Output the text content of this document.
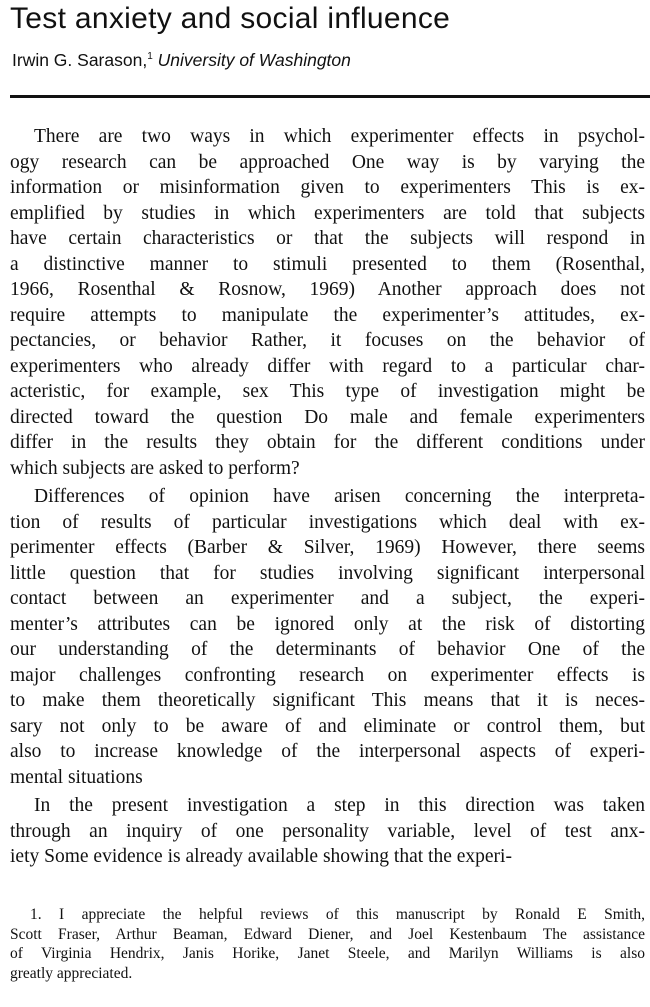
Test anxiety and social influence
Irwin G. Sarason,$^1$ University of Washington
There are two ways in which experimenter effects in psychol-
ogy research can be approached One way is by varying the
information or misinformation given to experimenters This is ex-
emplified by studies in which experimenters are told that subjects
have certain characteristics or that the subjects will respond in
a distinctive manner to stimuli presented to them (Rosenthal,
1966, Rosenthal & Rosnow, 1969) Another approach does not
require attempts to manipulate the experimenter’s attitudes, ex-
pectancies, or behavior Rather, it focuses on the behavior of
experimenters who already differ with regard to a particular char-
acteristic, for example, sex This type of investigation might be
directed toward the question Do male and female experimenters
differ in the results they obtain for the different conditions under
which subjects are asked to perform?
Differences of opinion have arisen concerning the interpreta-
tion of results of particular investigations which deal with ex-
perimenter effects (Barber & Silver, 1969) However, there seems
little question that for studies involving significant interpersonal
contact between an experimenter and a subject, the experi-
menter’s attributes can be ignored only at the risk of distorting
our understanding of the determinants of behavior One of the
major challenges confronting research on experimenter effects is
to make them theoretically significant This means that it is neces-
sary not only to be aware of and eliminate or control them, but
also to increase knowledge of the interpersonal aspects of experi-
mental situations
In the present investigation a step in this direction was taken
through an inquiry of one personality variable, level of test anx-
iety Some evidence is already available showing that the experi-
1. I appreciate the helpful reviews of this manuscript by Ronald E Smith,
Scott Fraser, Arthur Beaman, Edward Diener, and Joel Kestenbaum The assistance
of Virginia Hendrix, Janis Horike, Janet Steele, and Marilyn Williams is also
greatly appreciated.
